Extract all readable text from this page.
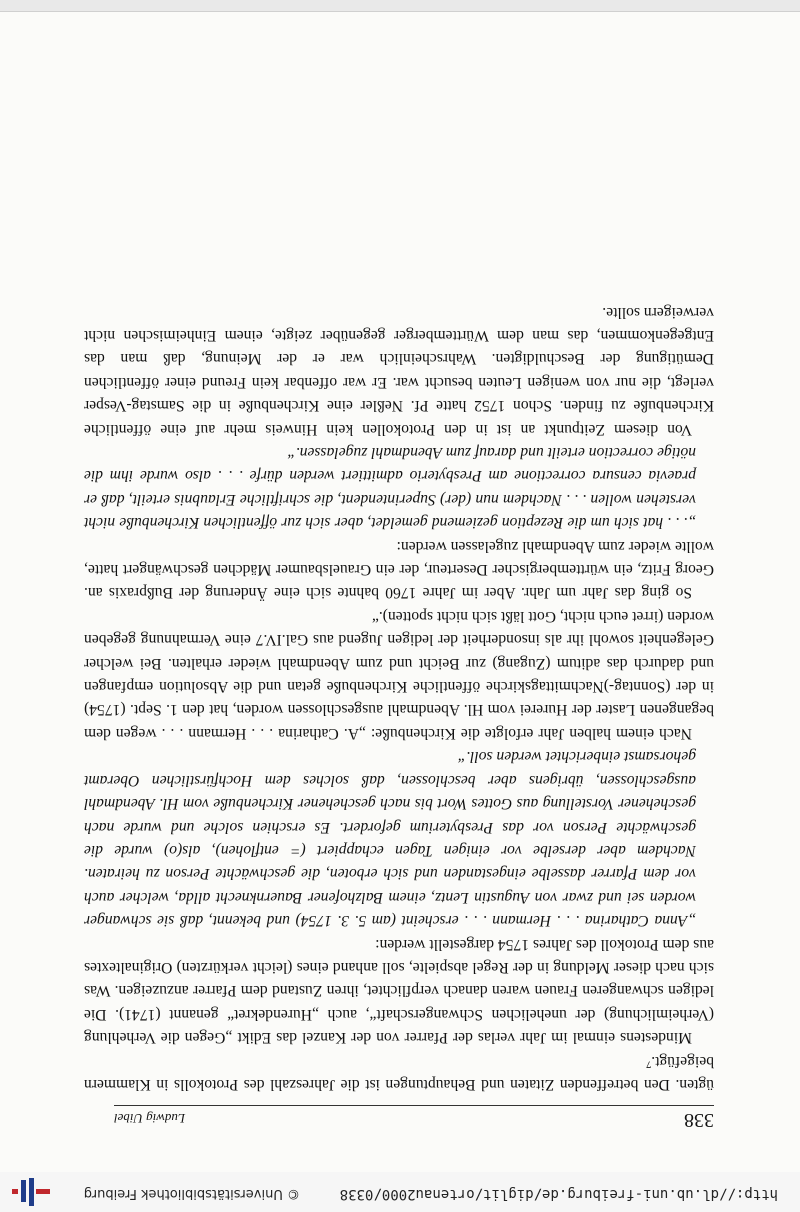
http://dl.ub.uni-freiburg.de/diglit/ortenau2000/0338
© Universitätsbibliothek Freiburg
338
Ludwig Uibel

ügten. Den betreffenden Zitaten und Behauptungen ist die Jahreszahl des Protokolls in Klammern beigefügt.⁷

Mindestens einmal im Jahr verlas der Pfarrer von der Kanzel das Edikt „Gegen die Verhehlung (Verheimlichung) der unehelichen Schwangerschaft“, auch „Hurendekret“ genannt (1741). Die ledigen schwangeren Frauen waren danach verpflichtet, ihren Zustand dem Pfarrer anzuzeigen. Was sich nach dieser Meldung in der Regel abspielte, soll anhand eines (leicht verkürzten) Originaltextes aus dem Protokoll des Jahres 1754 dargestellt werden:

„Anna Catharina . . . Hermann . . . erscheint (am 5. 3. 1754) und bekennt, daß sie schwanger worden sei und zwar von Augustin Lentz, einem Balzhofener Bauernknecht allda, welcher auch vor dem Pfarrer dasselbe eingestanden und sich erboten, die geschwächte Person zu heiraten. Nachdem aber derselbe vor einigen Tagen echappiert (= entflohen), als(o) wurde die geschwächte Person vor das Presbyterium gefordert. Es erschien solche und wurde nach geschehener Vorstellung aus Gottes Wort bis nach geschehener Kirchenbuße vom Hl. Abendmahl ausgeschlossen, übrigens aber beschlossen, daß solches dem Hochfürstlichen Oberamt gehorsamst einberichtet werden soll.“

Nach einem halben Jahr erfolgte die Kirchenbuße: „A. Catharina . . . Hermann . . . wegen dem begangenen Laster der Hurerei vom Hl. Abendmahl ausgeschlossen worden, hat den 1. Sept. (1754) in der (Sonntag-)Nachmittagskirche öffentliche Kirchenbuße getan und die Absolution empfangen und dadurch das aditum (Zugang) zur Beicht und zum Abendmahl wieder erhalten. Bei welcher Gelegenheit sowohl ihr als insonderheit der ledigen Jugend aus Gal.IV.7 eine Vermahnung gegeben worden (irret euch nicht, Gott läßt sich nicht spotten).“

So ging das Jahr um Jahr. Aber im Jahre 1760 bahnte sich eine Änderung der Bußpraxis an. Georg Fritz, ein württembergischer Deserteur, der ein Grauelsbaumer Mädchen geschwängert hatte, wollte wieder zum Abendmahl zugelassen werden:

„. . . hat sich um die Rezeption geziemend gemeldet, aber sich zur öffentlichen Kirchenbuße nicht verstehen wollen . . . Nachdem nun (der) Superintendent, die schriftliche Erlaubnis erteilt, daß er praevia censura correctione am Presbyterio admittiert werden dürfe . . . also wurde ihm die nötige correction erteilt und darauf zum Abendmahl zugelassen.“

Von diesem Zeitpunkt an ist in den Protokollen kein Hinweis mehr auf eine öffentliche Kirchenbuße zu finden. Schon 1752 hatte Pf. Neßler eine Kirchenbuße in die Samstag-Vesper verlegt, die nur von wenigen Leuten besucht war. Er war offenbar kein Freund einer öffentlichen Demütigung der Beschuldigten. Wahrscheinlich war er der Meinung, daß man das Entgegenkommen, das man dem Württemberger gegenüber zeigte, einem Einheimischen nicht verweigern sollte.
